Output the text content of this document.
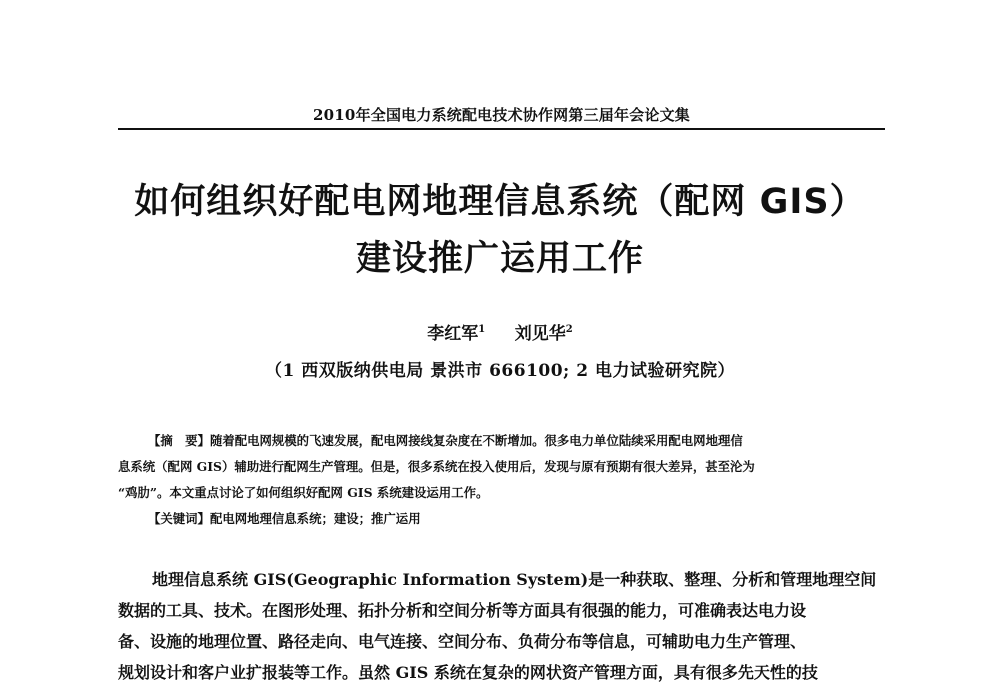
2010年全国电力系统配电技术协作网第三届年会论文集
如何组织好配电网地理信息系统（配网 GIS）
建设推广运用工作
李红军$^1$ 刘见华$^2$
（1 西双版纳供电局 景洪市 666100; 2 电力试验研究院）
【摘　要】随着配电网规模的飞速发展，配电网接线复杂度在不断增加。很多电力单位陆续采用配电网地理信
息系统（配网 GIS）辅助进行配网生产管理。但是，很多系统在投入使用后，发现与原有预期有很大差异，甚至沦为
“鸡肋”。本文重点讨论了如何组织好配网 GIS 系统建设运用工作。
【关键词】配电网地理信息系统；建设；推广运用
地理信息系统 GIS(Geographic Information System)是一种获取、整理、分析和管理地理空间
数据的工具、技术。在图形处理、拓扑分析和空间分析等方面具有很强的能力，可准确表达电力设
备、设施的地理位置、路径走向、电气连接、空间分布、负荷分布等信息，可辅助电力生产管理、
规划设计和客户业扩报装等工作。虽然 GIS 系统在复杂的网状资产管理方面，具有很多先天性的技
